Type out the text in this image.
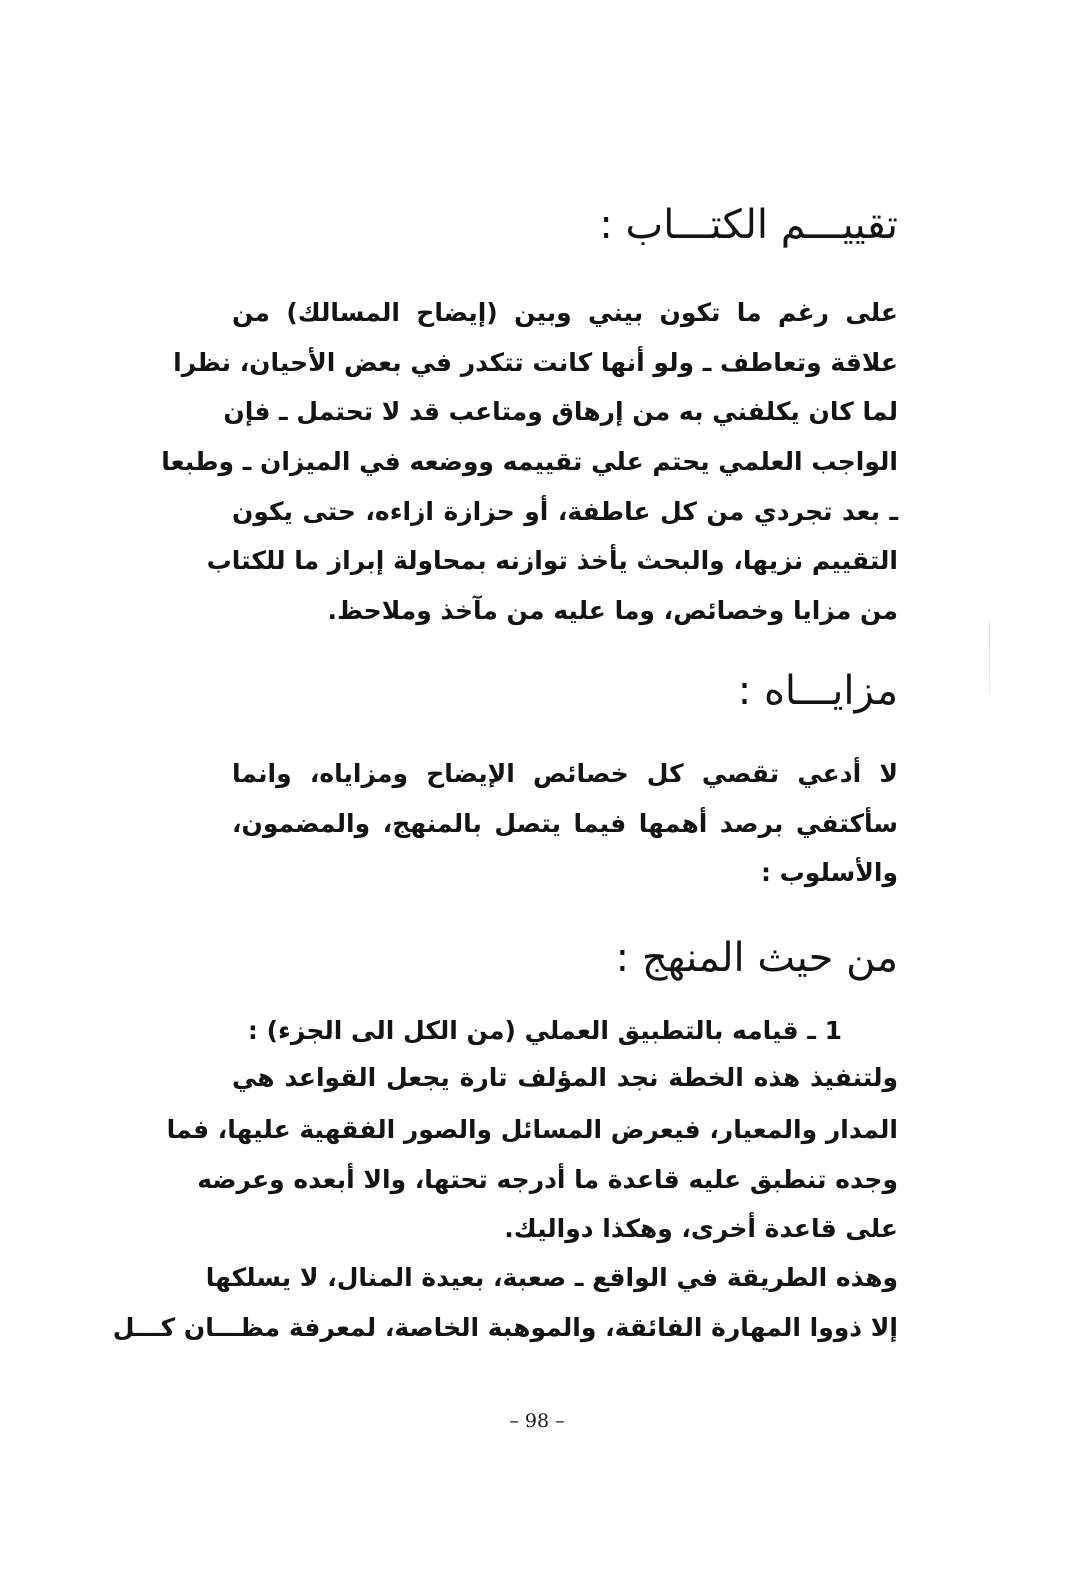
تقييـــم الكتـــاب :

على رغم ما تكون بيني وبين (إيضاح المسالك) من

علاقة وتعاطف ـ ولو أنها كانت تتكدر في بعض الأحيان، نظرا

لما كان يكلفني به من إرهاق ومتاعب قد لا تحتمل ـ فإن

الواجب العلمي يحتم علي تقييمه ووضعه في الميزان ـ وطبعا

ـ بعد تجردي من كل عاطفة، أو حزازة ازاءه، حتى يكون

التقييم نزيها، والبحث يأخذ توازنه بمحاولة إبراز ما للكتاب

من مزايا وخصائص، وما عليه من مآخذ وملاحظ.

مزايـــاه :

لا أدعي تقصي كل خصائص الإيضاح ومزاياه، وانما

سأكتفي برصد أهمها فيما يتصل بالمنهج، والمضمون،

والأسلوب :

من حيث المنهج :

1 ـ قيامه بالتطبيق العملي (من الكل الى الجزء) :

ولتنفيذ هذه الخطة نجد المؤلف تارة يجعل القواعد هي

المدار والمعيار، فيعرض المسائل والصور الفقهية عليها، فما

وجده تنطبق عليه قاعدة ما أدرجه تحتها، والا أبعده وعرضه

على قاعدة أخرى، وهكذا دواليك.

وهذه الطريقة في الواقع ـ صعبة، بعيدة المنال، لا يسلكها

إلا ذووا المهارة الفائقة، والموهبة الخاصة، لمعرفة مظـــان كـــل

– 98 –
